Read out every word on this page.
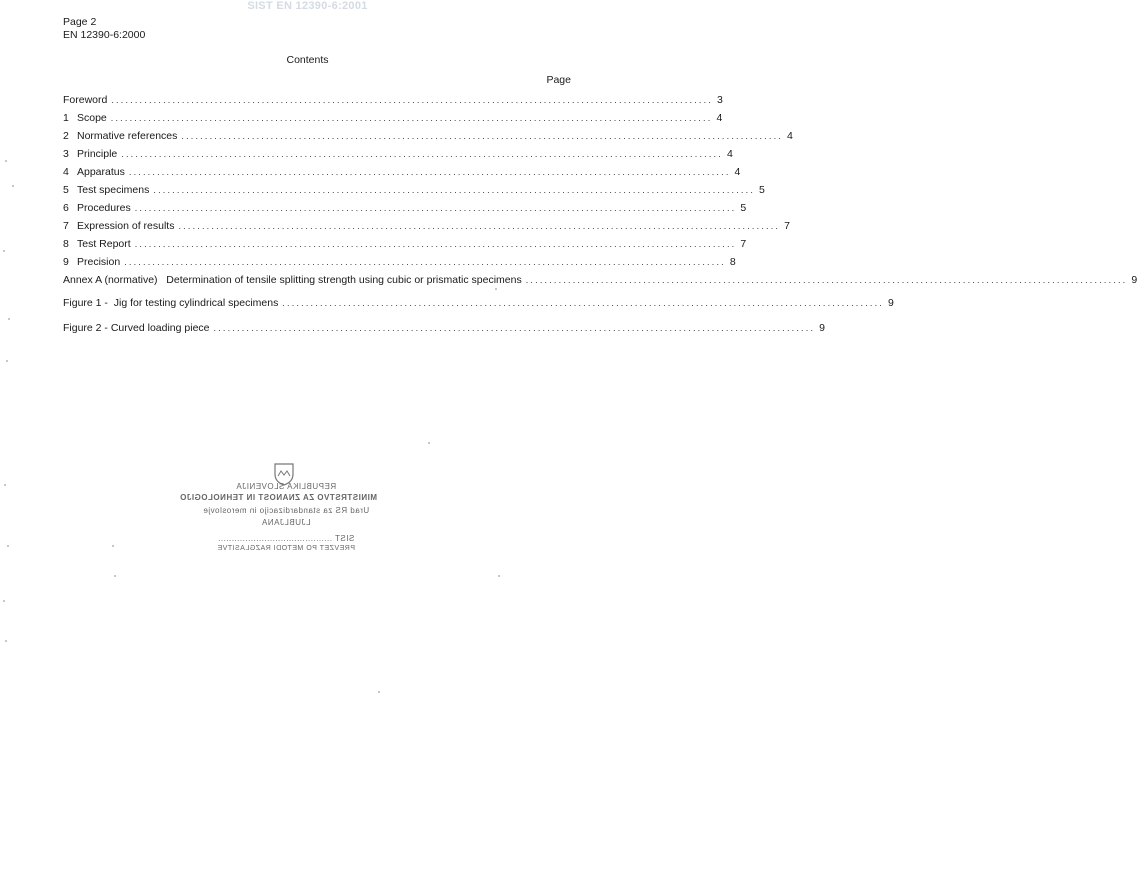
SIST EN 12390-6:2001
Page 2
EN 12390-6:2000
Contents
Page
Foreword ................................................................................................................................ 3
1 Scope ................................................................................................................................ 4
2 Normative references ................................................................................................................................ 4
3 Principle ................................................................................................................................ 4
4 Apparatus ................................................................................................................................ 4
5 Test specimens ................................................................................................................................ 5
6 Procedures ................................................................................................................................ 5
7 Expression of results ................................................................................................................................ 7
8 Test Report ................................................................................................................................ 7
9 Precision ................................................................................................................................ 8
Annex A (normative)   Determination of tensile splitting strength using cubic or prismatic specimens ................................................................................................................................ 9
Figure 1 -  Jig for testing cylindrical specimens ................................................................................................................................ 9
Figure 2 - Curved loading piece ................................................................................................................................ 9
REPUBLIKA SLOVENIJA
MINISTRSTVO ZA ZNANOST IN TEHNOLOGIJO
Urad RS za standardizacijo in meroslovje
LJUBLJANA
SIST ..........................................
PREVZET PO METODI RAZGLASITVE
